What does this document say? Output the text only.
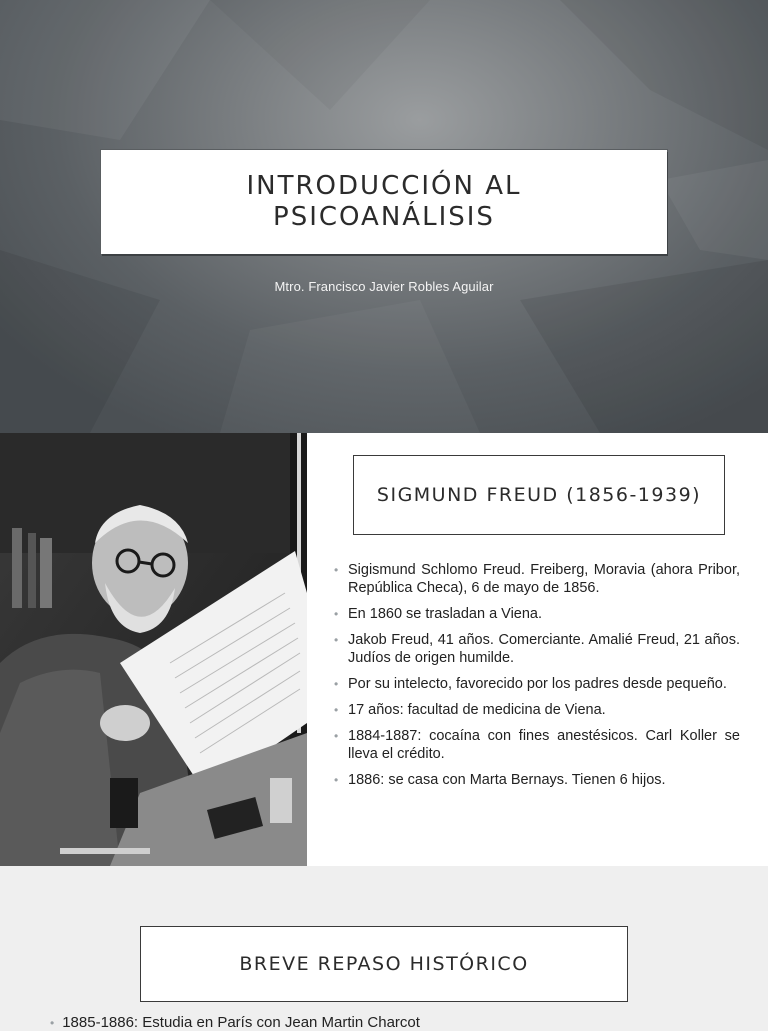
INTRODUCCIÓN AL
PSICOANÁLISIS
Mtro. Francisco Javier Robles Aguilar
SIGMUND FREUD (1856-1939)
• Sigismund Schlomo Freud. Freiberg, Moravia (ahora Pribor, República Checa), 6 de mayo de 1856.
• En 1860 se trasladan a Viena.
• Jakob Freud, 41 años. Comerciante. Amalié Freud, 21 años. Judíos de origen humilde.
• Por su intelecto, favorecido por los padres desde pequeño.
• 17 años: facultad de medicina de Viena.
• 1884-1887: cocaína con fines anestésicos. Carl Koller se lleva el crédito.
• 1886: se casa con Marta Bernays. Tienen 6 hijos.
BREVE REPASO HISTÓRICO
• 1885-1886: Estudia en París con Jean Martin Charcot
